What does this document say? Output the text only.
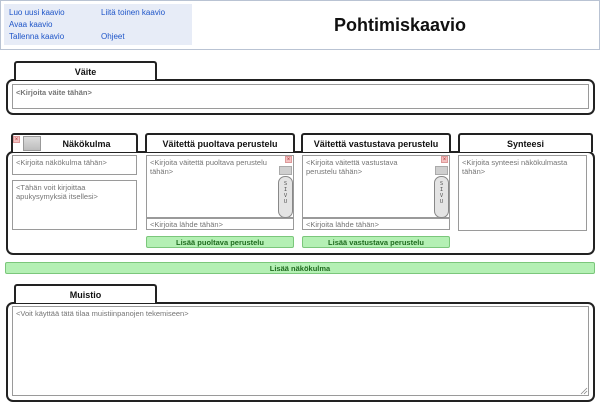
Luo uusi kaavio
Avaa kaavio
Tallenna kaavio
Liitä toinen kaavio
Ohjeet
Pohtimiskaavio
Väite
<Kirjoita väite tähän>
Näkökulma
×	Väitettä puoltava perustelu	Väitettä vastustava perustelu	Synteesi
<Kirjoita näkökulma tähän>
<Tähän voit kirjoittaa apukysymyksiä itsellesi>
<Kirjoita väitettä puoltava perustelu tähän>
×
S
I
V
U
<Kirjoita lähde tähän>
Lisää puoltava perustelu
<Kirjoita väitettä vastustava perustelu tähän>
×
S
I
V
U
<Kirjoita lähde tähän>
Lisää vastustava perustelu
<Kirjoita synteesi näkökulmasta tähän>
Lisää näkökulma
Muistio
<Voit käyttää tätä tilaa muistiinpanojen tekemiseen>
